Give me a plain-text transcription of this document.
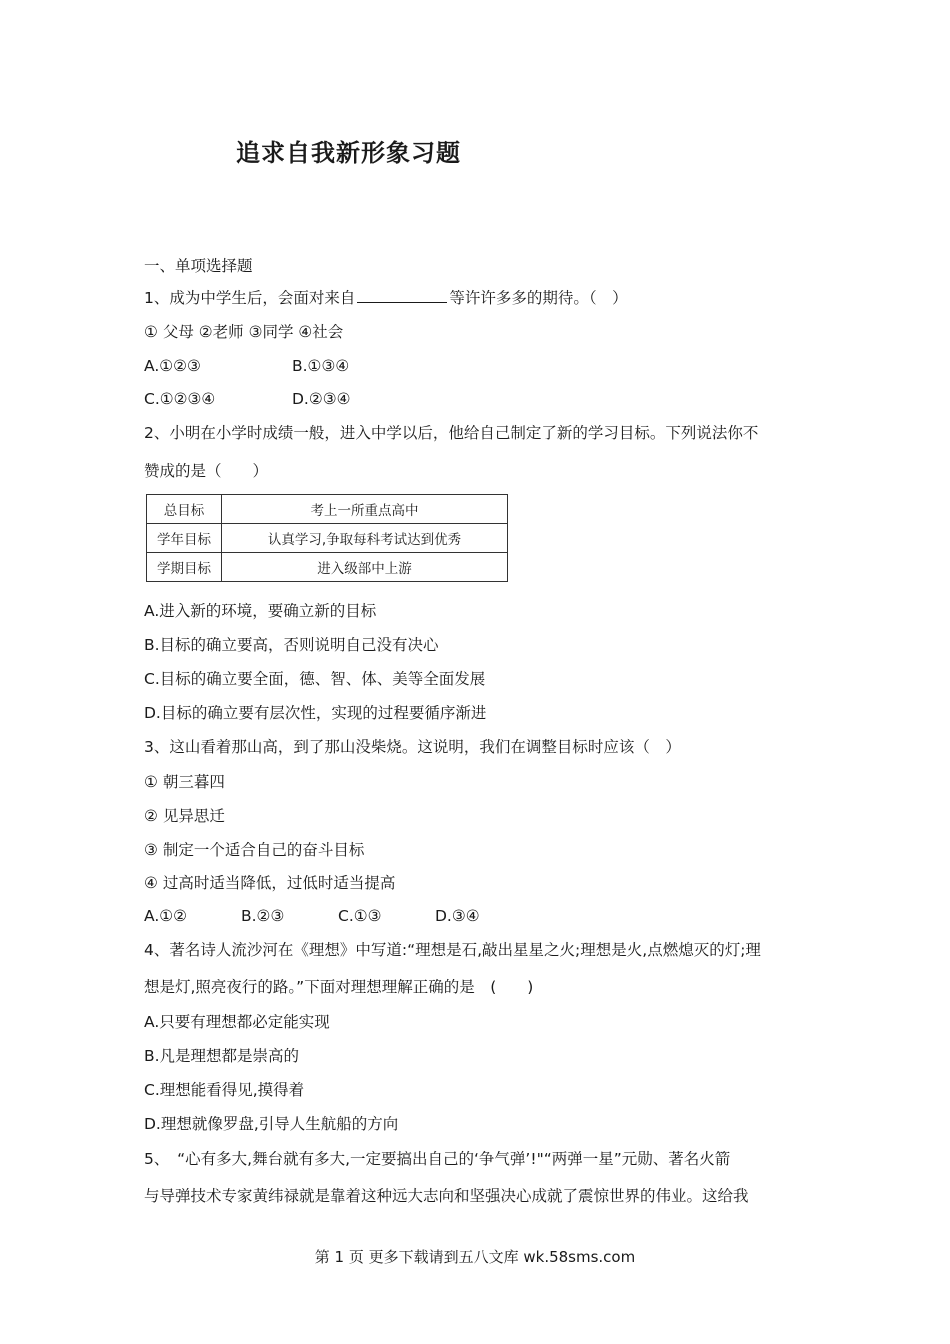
追求自我新形象习题
一、单项选择题
1、成为中学生后，会面对来自	等许许多多的期待。（　）
① 父母 ②老师 ③同学 ④社会
A.①②③	B.①③④
C.①②③④	D.②③④
2、小明在小学时成绩一般，进入中学以后，他给自己制定了新的学习目标。下列说法你不
赞成的是（　　）
总目标	考上一所重点高中
学年目标	认真学习,争取每科考试达到优秀
学期目标	进入级部中上游
A.进入新的环境，要确立新的目标
B.目标的确立要高，否则说明自己没有决心
C.目标的确立要全面，德、智、体、美等全面发展
D.目标的确立要有层次性，实现的过程要循序渐进
3、这山看着那山高，到了那山没柴烧。这说明，我们在调整目标时应该（　）
① 朝三暮四
② 见异思迁
③ 制定一个适合自己的奋斗目标
④ 过高时适当降低，过低时适当提高
A.①②	B.②③	C.①③	D.③④
4、著名诗人流沙河在《理想》中写道:“理想是石,敲出星星之火;理想是火,点燃熄灭的灯;理
想是灯,照亮夜行的路。”下面对理想理解正确的是　(　　)
A.只要有理想都必定能实现
B.凡是理想都是崇高的
C.理想能看得见,摸得着
D.理想就像罗盘,引导人生航船的方向
5、　“心有多大,舞台就有多大,一定要搞出自己的‘争气弹’!"“两弹一星”元勋、著名火箭
与导弹技术专家黄纬禄就是靠着这种远大志向和坚强决心成就了震惊世界的伟业。这给我
第 1 页 更多下载请到五八文库 wk.58sms.com
